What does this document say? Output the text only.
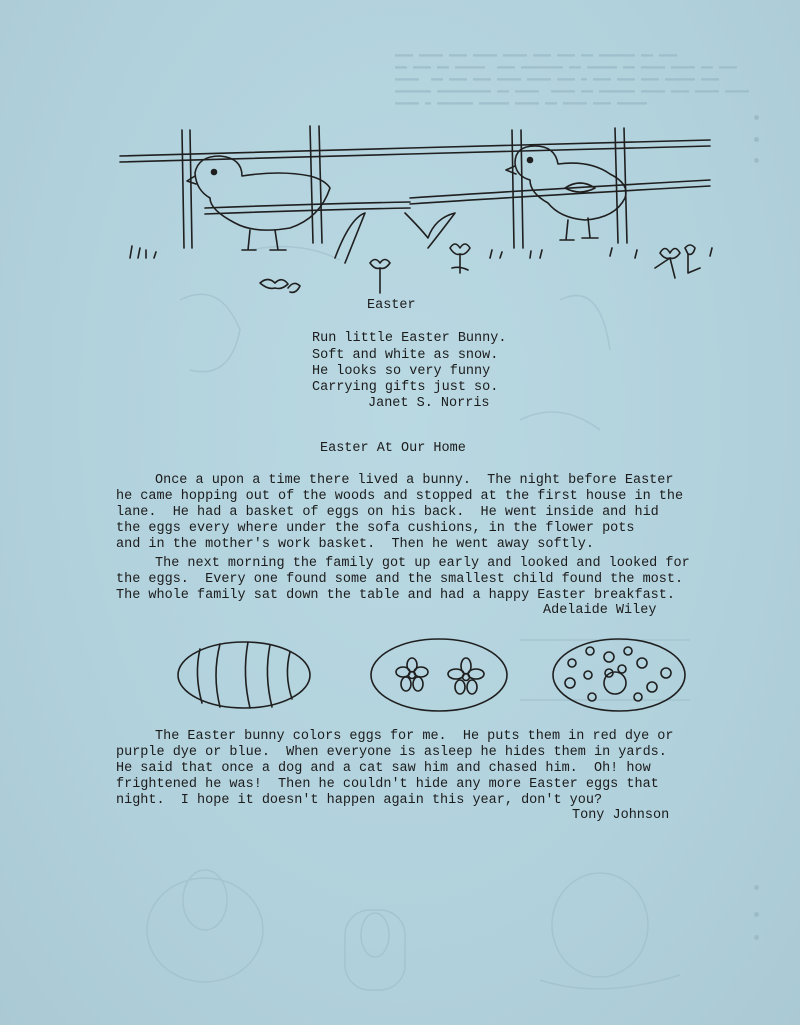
▬▬▬ ▬▬▬▬ ▬▬▬ ▬▬▬▬ ▬▬▬▬ ▬▬▬ ▬▬▬ ▬▬ ▬▬▬▬▬▬ ▬▬ ▬▬▬
▬▬ ▬▬▬ ▬▬ ▬▬▬▬▬  ▬▬▬ ▬▬▬▬▬▬▬ ▬▬ ▬▬▬▬▬ ▬▬ ▬▬▬▬ ▬▬▬▬ ▬▬ ▬▬▬
▬▬▬▬  ▬▬ ▬▬▬ ▬▬▬ ▬▬▬▬ ▬▬▬▬ ▬▬▬ ▬ ▬▬▬ ▬▬▬ ▬▬▬ ▬▬▬▬▬ ▬▬▬
▬▬▬▬▬▬ ▬▬▬▬▬▬▬▬▬ ▬▬ ▬▬▬▬  ▬▬▬▬ ▬▬ ▬▬▬▬▬▬ ▬▬▬▬ ▬▬▬ ▬▬▬▬ ▬▬▬▬
▬▬▬▬ ▬ ▬▬▬▬▬▬ ▬▬▬▬▬ ▬▬▬▬ ▬▬ ▬▬▬▬ ▬▬▬ ▬▬▬▬▬
Easter
Run little Easter Bunny.
Soft and white as snow.
He looks so very funny
Carrying gifts just so.
Janet S. Norris
Easter At Our Home
Once a upon a time there lived a bunny.  The night before Easter
he came hopping out of the woods and stopped at the first house in the
lane.  He had a basket of eggs on his back.  He went inside and hid
the eggs every where under the sofa cushions, in the flower pots
and in the mother's work basket.  Then he went away softly.
The next morning the family got up early and looked and looked for
the eggs.  Every one found some and the smallest child found the most.
The whole family sat down the table and had a happy Easter breakfast.
Adelaide Wiley
The Easter bunny colors eggs for me.  He puts them in red dye or
purple dye or blue.  When everyone is asleep he hides them in yards.
He said that once a dog and a cat saw him and chased him.  Oh! how
frightened he was!  Then he couldn't hide any more Easter eggs that
night.  I hope it doesn't happen again this year, don't you?
Tony Johnson
